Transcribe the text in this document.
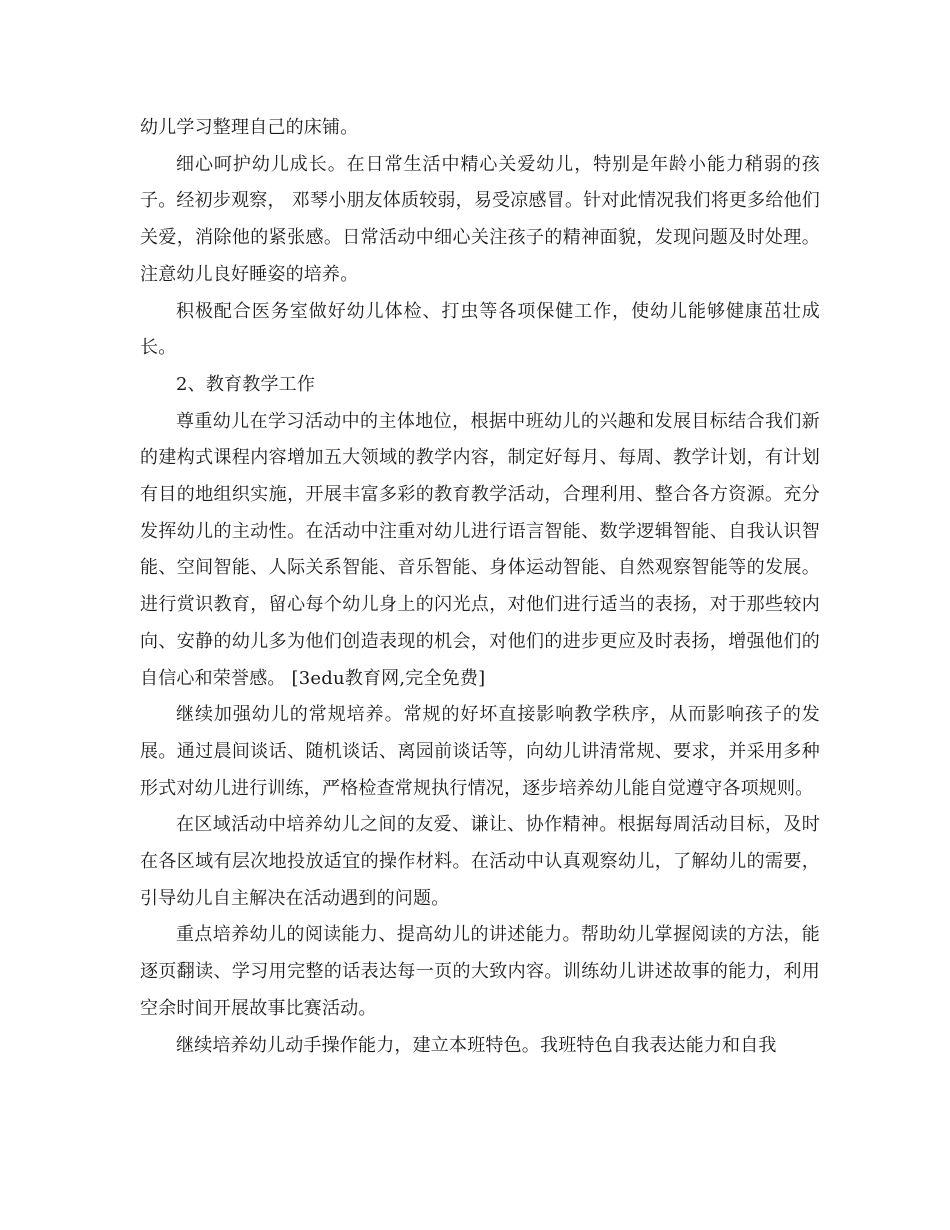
幼儿学习整理自己的床铺。

细心呵护幼儿成长。在日常生活中精心关爱幼儿，特别是年龄小能力稍弱的孩子。经初步观察， 邓琴小朋友体质较弱，易受凉感冒。针对此情况我们将更多给他们关爱，消除他的紧张感。日常活动中细心关注孩子的精神面貌，发现问题及时处理。注意幼儿良好睡姿的培养。

积极配合医务室做好幼儿体检、打虫等各项保健工作，使幼儿能够健康茁壮成长。

2、教育教学工作

尊重幼儿在学习活动中的主体地位，根据中班幼儿的兴趣和发展目标结合我们新的建构式课程内容增加五大领域的教学内容，制定好每月、每周、教学计划，有计划有目的地组织实施，开展丰富多彩的教育教学活动，合理利用、整合各方资源。充分发挥幼儿的主动性。在活动中注重对幼儿进行语言智能、数学逻辑智能、自我认识智能、空间智能、人际关系智能、音乐智能、身体运动智能、自然观察智能等的发展。进行赏识教育，留心每个幼儿身上的闪光点，对他们进行适当的表扬，对于那些较内向、安静的幼儿多为他们创造表现的机会，对他们的进步更应及时表扬，增强他们的自信心和荣誉感。 [3edu教育网,完全免费]

继续加强幼儿的常规培养。常规的好坏直接影响教学秩序，从而影响孩子的发展。通过晨间谈话、随机谈话、离园前谈话等，向幼儿讲清常规、要求，并采用多种形式对幼儿进行训练，严格检查常规执行情况，逐步培养幼儿能自觉遵守各项规则。

在区域活动中培养幼儿之间的友爱、谦让、协作精神。根据每周活动目标，及时在各区域有层次地投放适宜的操作材料。在活动中认真观察幼儿，了解幼儿的需要，引导幼儿自主解决在活动遇到的问题。

重点培养幼儿的阅读能力、提高幼儿的讲述能力。帮助幼儿掌握阅读的方法，能逐页翻读、学习用完整的话表达每一页的大致内容。训练幼儿讲述故事的能力，利用空余时间开展故事比赛活动。

继续培养幼儿动手操作能力，建立本班特色。我班特色自我表达能力和自我
